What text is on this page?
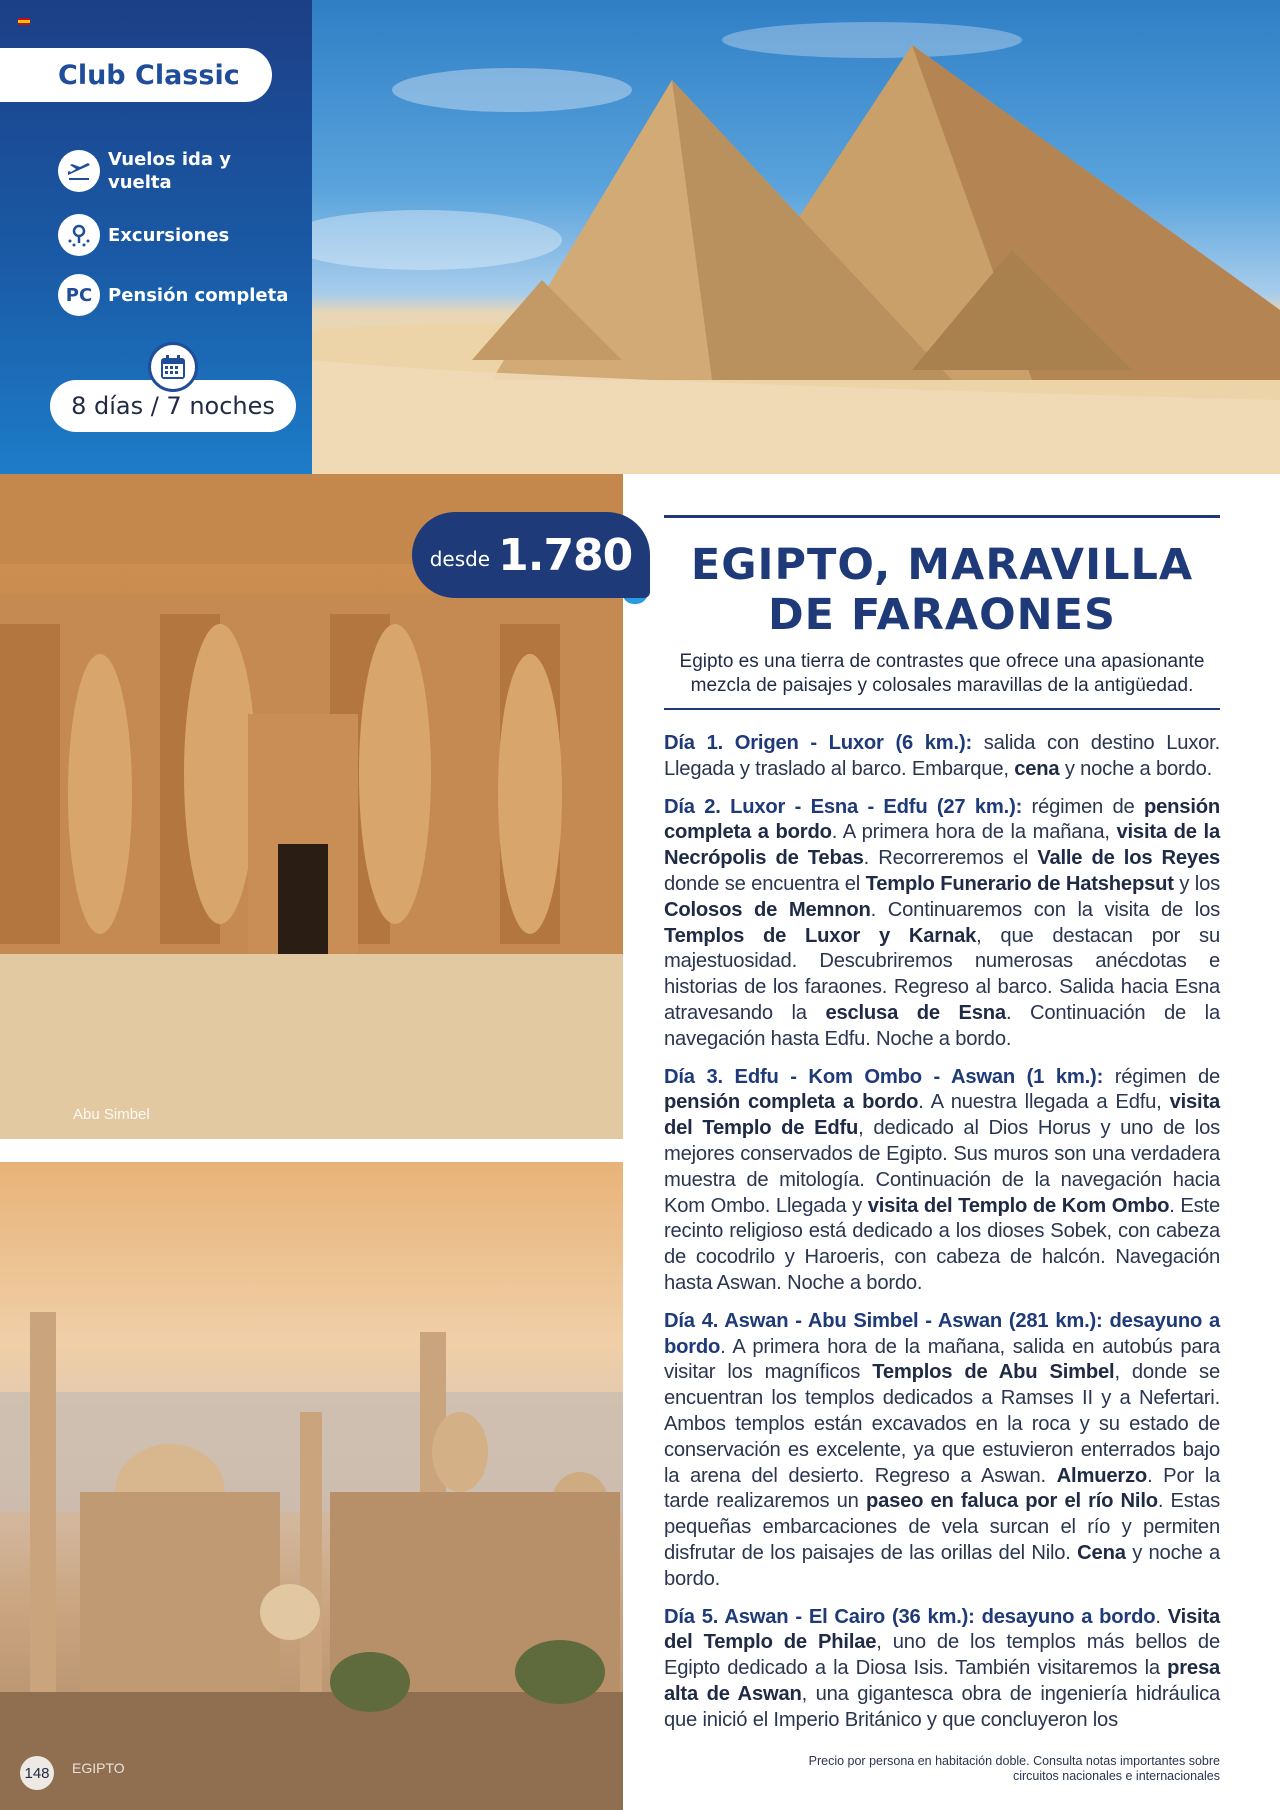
Club Classic
Vuelos ida y vuelta
Excursiones
PC Pensión completa
8 días / 7 noches
Abu Simbel
desde 1.780	EGIPTO, MARAVILLA
DE FARAONES

Egipto es una tierra de contrastes que ofrece una apasionante mezcla de paisajes y colosales maravillas de la antigüedad.

Día 1. Origen - Luxor (6 km.): salida con destino Luxor. Llegada y traslado al barco. Embarque, cena y noche a bordo.

Día 2. Luxor - Esna - Edfu (27 km.): régimen de pensión completa a bordo. A primera hora de la mañana, visita de la Necrópolis de Tebas. Recorreremos el Valle de los Reyes donde se encuentra el Templo Funerario de Hatshepsut y los Colosos de Memnon. Continuaremos con la visita de los Templos de Luxor y Karnak, que destacan por su majestuosidad. Descubriremos numerosas anécdotas e historias de los faraones. Regreso al barco. Salida hacia Esna atravesando la esclusa de Esna. Continuación de la navegación hasta Edfu. Noche a bordo.

Día 3. Edfu - Kom Ombo - Aswan (1 km.): régimen de pensión completa a bordo. A nuestra llegada a Edfu, visita del Templo de Edfu, dedicado al Dios Horus y uno de los mejores conservados de Egipto. Sus muros son una verdadera muestra de mitología. Continuación de la navegación hacia Kom Ombo. Llegada y visita del Templo de Kom Ombo. Este recinto religioso está dedicado a los dioses Sobek, con cabeza de cocodrilo y Haroeris, con cabeza de halcón. Navegación hasta Aswan. Noche a bordo.

Día 4. Aswan - Abu Simbel - Aswan (281 km.): desayuno a bordo. A primera hora de la mañana, salida en autobús para visitar los magníficos Templos de Abu Simbel, donde se encuentran los templos dedicados a Ramses II y a Nefertari. Ambos templos están excavados en la roca y su estado de conservación es excelente, ya que estuvieron enterrados bajo la arena del desierto. Regreso a Aswan. Almuerzo. Por la tarde realizaremos un paseo en faluca por el río Nilo. Estas pequeñas embarcaciones de vela surcan el río y permiten disfrutar de los paisajes de las orillas del Nilo. Cena y noche a bordo.

Día 5. Aswan - El Cairo (36 km.): desayuno a bordo. Visita del Templo de Philae, uno de los templos más bellos de Egipto dedicado a la Diosa Isis. También visitaremos la presa alta de Aswan, una gigantesca obra de ingeniería hidráulica que inició el Imperio Británico y que concluyeron los

148	EGIPTO	Precio por persona en habitación doble. Consulta notas importantes sobre circuitos nacionales e internacionales
